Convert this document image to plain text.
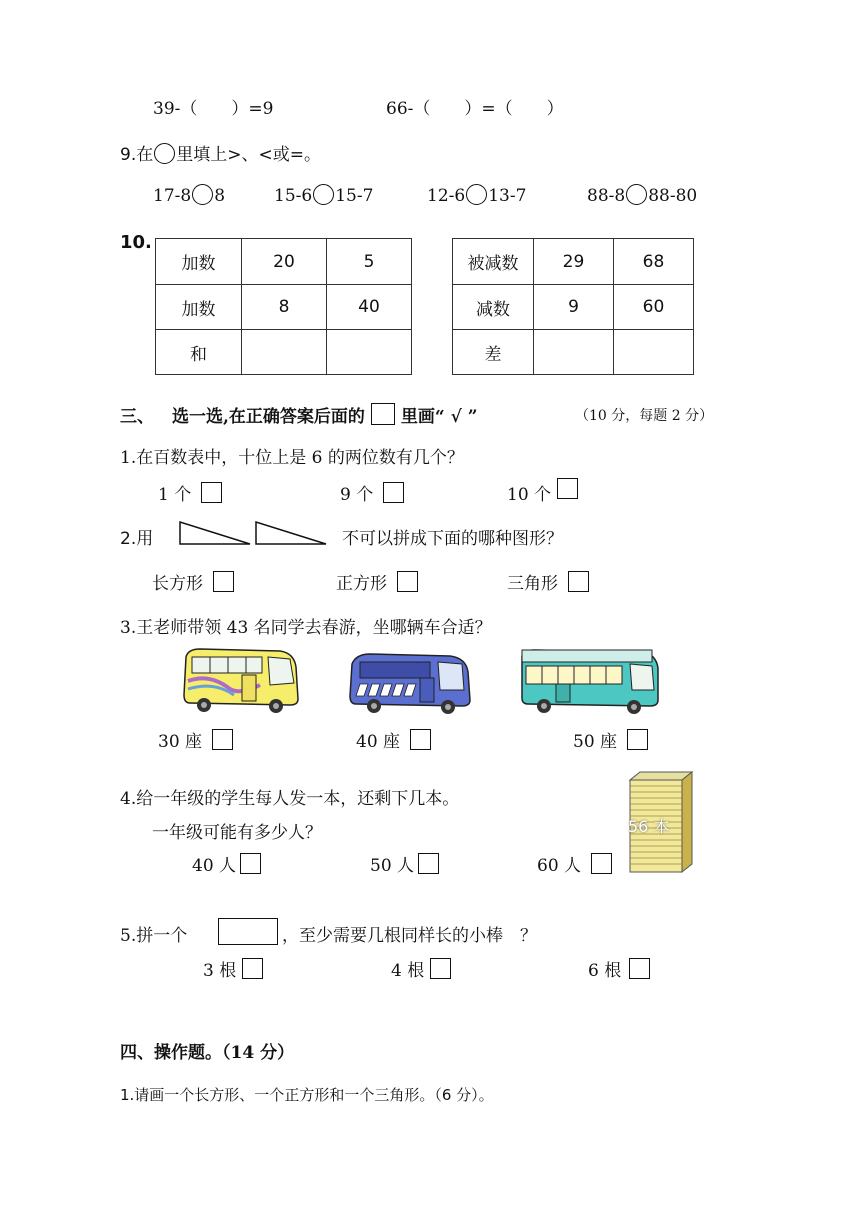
39-（　　）=9	66-（　　）=（　　）
9.在 里填上>、<或=。
17-8 8	15-6 15-7	12-6 13-7	88-8 88-80
10.
加数	20	5
加数	8	40
和		
被减数	29	68
减数	9	60
差		
三、 选一选,在正确答案后面的 里画“ √ ”	（10 分，每题 2 分）
1.在百数表中，十位上是 6 的两位数有几个？
1 个	9 个	10 个
2.用	不可以拼成下面的哪种图形？
长方形	正方形	三角形
3.王老师带领 43 名同学去春游，坐哪辆车合适？
30 座	40 座	50 座
4.给一年级的学生每人发一本，还剩下几本。
一年级可能有多少人？	56 本
40 人	50 人	60 人
5.拼一个	，至少需要几根同样长的小棒　？
3 根	4 根	6 根
四、操作题。（14 分）
1.请画一个长方形、一个正方形和一个三角形。（6 分）。
